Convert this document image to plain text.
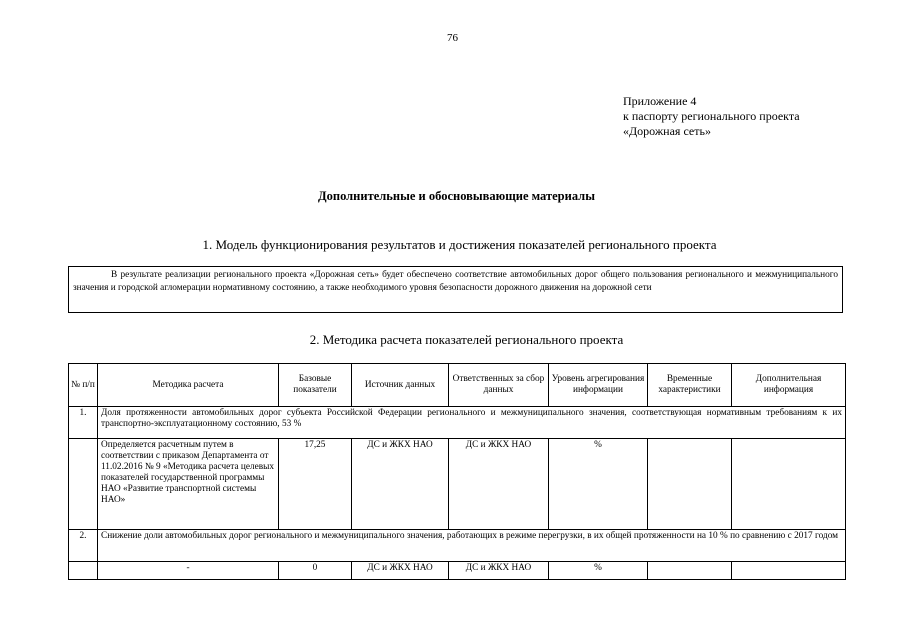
76
Приложение 4
к паспорту регионального проекта
«Дорожная сеть»
Дополнительные и обосновывающие материалы
1. Модель функционирования результатов и достижения показателей регионального проекта

В результате реализации регионального проекта «Дорожная сеть» будет обеспечено соответствие автомобильных дорог общего пользования регионального и межмуниципального значения и городской агломерации нормативному состоянию, а также необходимого уровня безопасности дорожного движения на дорожной сети

2. Методика расчета показателей регионального проекта
№ п/п	Методика расчета	Базовые показатели	Источник данных	Ответственных за сбор данных	Уровень агрегирования информации	Временные характеристики	Дополнительная информация
1.	Доля протяженности автомобильных дорог субъекта Российской Федерации регионального и межмуниципального значения, соответствующая нормативным требованиям к их транспортно-эксплуатационному состоянию, 53 %						
	Определяется расчетным путем в соответствии с приказом Департамента от 11.02.2016 № 9 «Методика расчета целевых показателей государственной программы НАО «Развитие транспортной системы НАО»	17,25	ДС и ЖКХ НАО	ДС и ЖКХ НАО	%		
2.	Снижение доли автомобильных дорог регионального и межмуниципального значения, работающих в режиме перегрузки, в их общей протяженности на 10 % по сравнению с 2017 годом						
	-	0	ДС и ЖКХ НАО	ДС и ЖКХ НАО	%		
